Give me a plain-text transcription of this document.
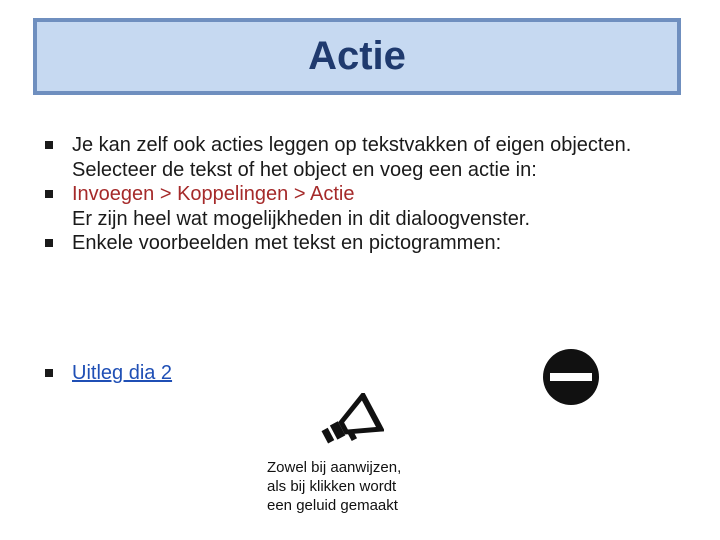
Actie
Je kan zelf ook acties leggen op tekstvakken of eigen objecten. Selecteer de tekst of het object en voeg een actie in:
Invoegen > Koppelingen > Actie
Er zijn heel wat mogelijkheden in dit dialoogvenster.
Enkele voorbeelden met tekst en pictogrammen:
Uitleg dia 2
Zowel bij aanwijzen,
als bij klikken wordt
een geluid gemaakt
